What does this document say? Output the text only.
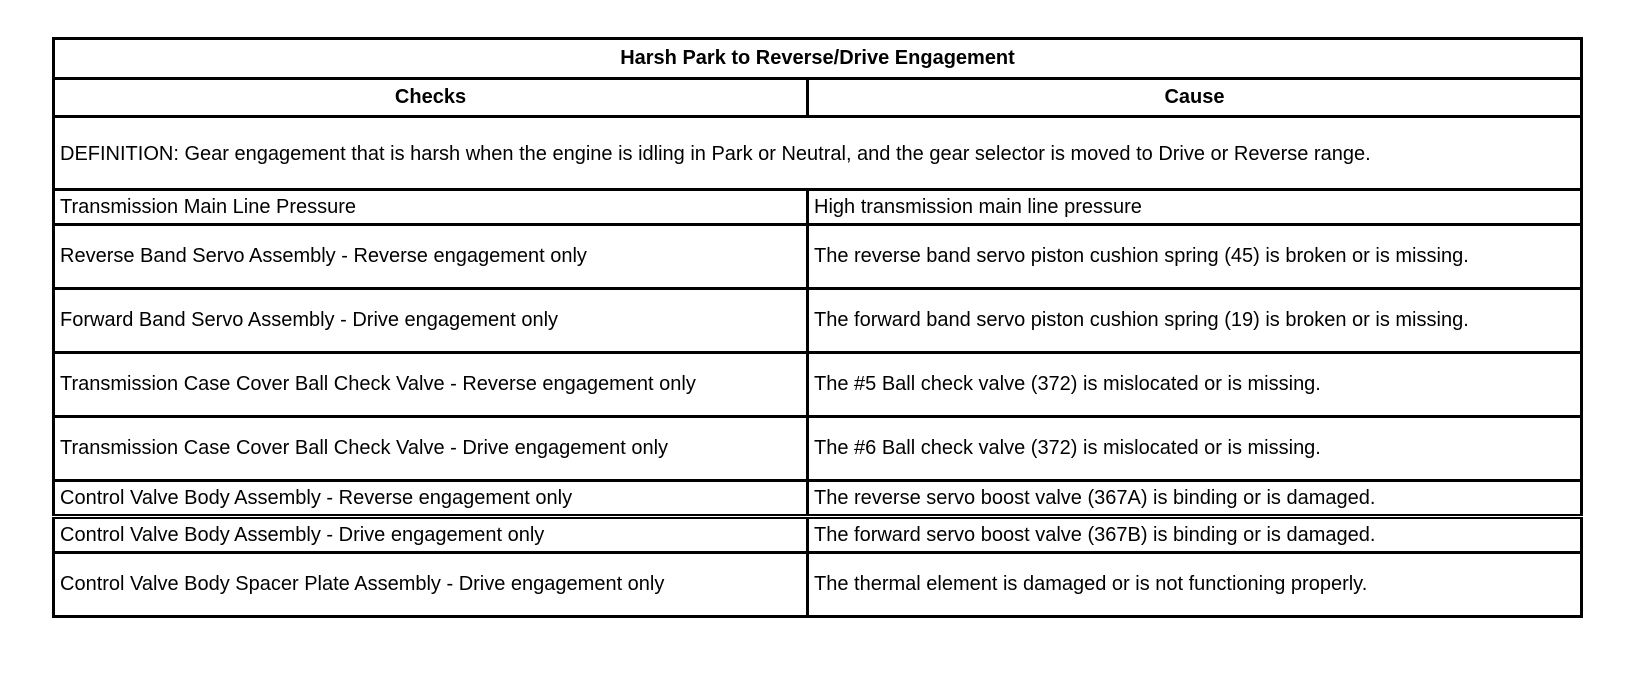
Harsh Park to Reverse/Drive Engagement	
Checks	Cause
DEFINITION: Gear engagement that is harsh when the engine is idling in Park or Neutral, and the gear selector is moved to Drive or Reverse range.	
Transmission Main Line Pressure	High transmission main line pressure
Reverse Band Servo Assembly - Reverse engagement only	The reverse band servo piston cushion spring (45) is broken or is missing.
Forward Band Servo Assembly - Drive engagement only	The forward band servo piston cushion spring (19) is broken or is missing.
Transmission Case Cover Ball Check Valve - Reverse engagement only	The #5 Ball check valve (372) is mislocated or is missing.
Transmission Case Cover Ball Check Valve - Drive engagement only	The #6 Ball check valve (372) is mislocated or is missing.
Control Valve Body Assembly - Reverse engagement only	The reverse servo boost valve (367A) is binding or is damaged.
Control Valve Body Assembly - Drive engagement only	The forward servo boost valve (367B) is binding or is damaged.
Control Valve Body Spacer Plate Assembly - Drive engagement only	The thermal element is damaged or is not functioning properly.
